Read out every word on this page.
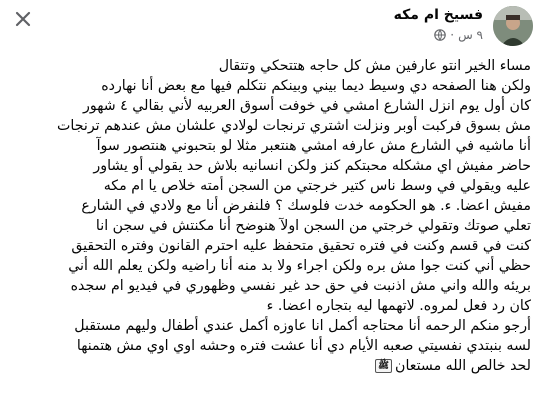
فسيخ ام مكه
٩ س
·
مساء الخير انتو عارفين مش كل حاجه هتتحكي وتتقال
ولكن هنا الصفحه دي وسيط ديما بيني وبينكم نتكلم فيها مع بعض أنا نهارده
كان أول يوم انزل الشارع امشي في خوفت أسوق العربيه لأني بقالي ٤ شهور
مش بسوق فركبت أوبر ونزلت اشتري ترنجات لولادي علشان مش عندهم ترنجات
أنا ماشيه في الشارع مش عارفه امشي هنتعبر مثلا لو بتحبوني هنتصور سوآ
حاضر مفيش اي مشكله محبتكم كنز ولكن انسانيه بلاش حد يقولي أو يشاور
عليه ويقولي في وسط ناس كتير خرجتي من السجن أمته خلاص يا ام مكه
مفيش اعضا. ء. هو الحكومه خدت فلوسك ؟ فلنفرض أنا مع ولادي في الشارع
تعلي صوتك وتقولي خرجتي من السجن اولآ هنوضح أنا مكنتش في سجن انا
كنت في قسم وكنت في فتره تحقيق متحفظ عليه احترم القانون وفتره التحقيق
حظي أني كنت جوا مش بره ولكن اجراء ولا بد منه أنا راضيه ولكن يعلم الله أني
بريئه والله واني مش اذنبت في حق حد غير نفسي وظهوري في فيديو ام سجده
كان رد فعل لمروه. لاتهمها ليه بتجاره اعضا. ء
أرجو منكم الرحمه أنا محتاجه أكمل انا عاوزه أكمل عندي أطفال وليهم مستقبل
لسه بنبتدي نفسيتي صعبه الأيام دي أنا عشت فتره وحشه اوي اوي مش هتمنها
لحد خالص الله مستعانﷺ
